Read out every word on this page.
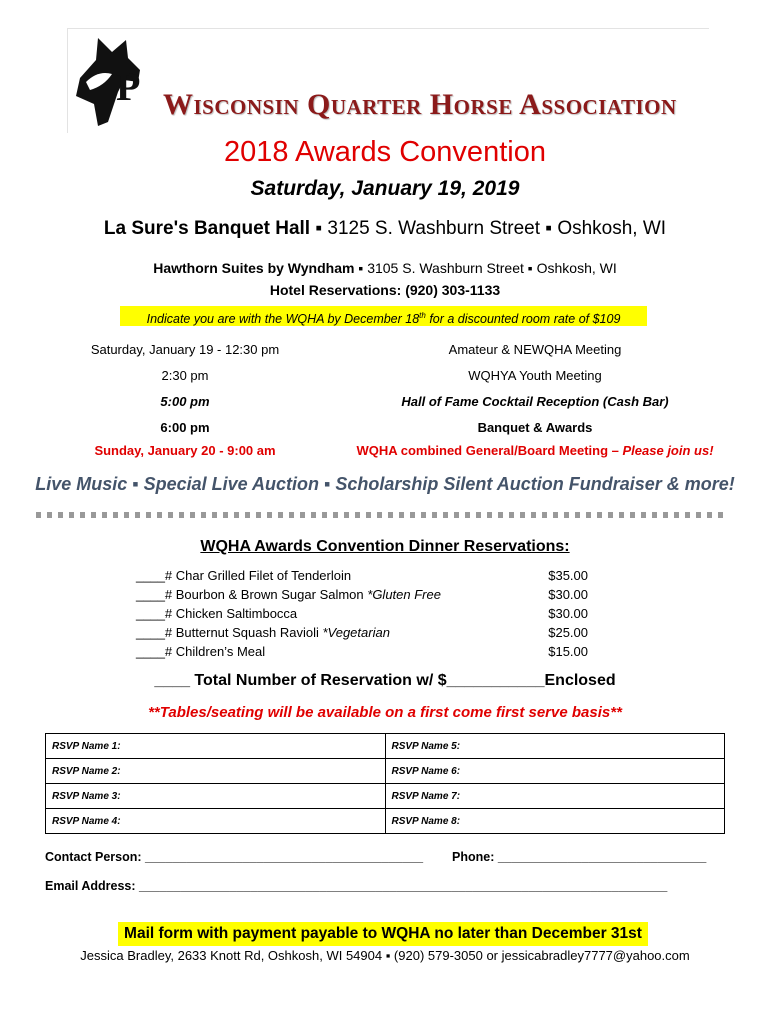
P Wisconsin Quarter Horse Association
2018 Awards Convention
Saturday, January 19, 2019
La Sure's Banquet Hall ▪ 3125 S. Washburn Street ▪ Oshkosh, WI
Hawthorn Suites by Wyndham ▪ 3105 S. Washburn Street ▪ Oshkosh, WI
Hotel Reservations: (920) 303-1133
Indicate you are with the WQHA by December 18th for a discounted room rate of $109
Saturday, January 19 - 12:30 pm	Amateur & NEWQHA Meeting
2:30 pm	WQHYA Youth Meeting
5:00 pm	Hall of Fame Cocktail Reception (Cash Bar)
6:00 pm	Banquet & Awards
Sunday, January 20 - 9:00 am	WQHA combined General/Board Meeting – Please join us!
Live Music ▪ Special Live Auction ▪ Scholarship Silent Auction Fundraiser & more!
WQHA Awards Convention Dinner Reservations:
____# Char Grilled Filet of Tenderloin	$35.00
____# Bourbon & Brown Sugar Salmon *Gluten Free	$30.00
____# Chicken Saltimbocca	$30.00
____# Butternut Squash Ravioli *Vegetarian	$25.00
____# Children’s Meal	$15.00
____ Total Number of Reservation w/ $___________Enclosed
**Tables/seating will be available on a first come first serve basis**
RSVP Name 1:	RSVP Name 5:
RSVP Name 2:	RSVP Name 6:
RSVP Name 3:	RSVP Name 7:
RSVP Name 4:	RSVP Name 8:
Contact Person: ________________________________________ Phone: ______________________________
Email Address: ____________________________________________________________________________
Mail form with payment payable to WQHA no later than December 31st
Jessica Bradley, 2633 Knott Rd, Oshkosh, WI 54904 ▪ (920) 579-3050 or jessicabradley7777@yahoo.com
